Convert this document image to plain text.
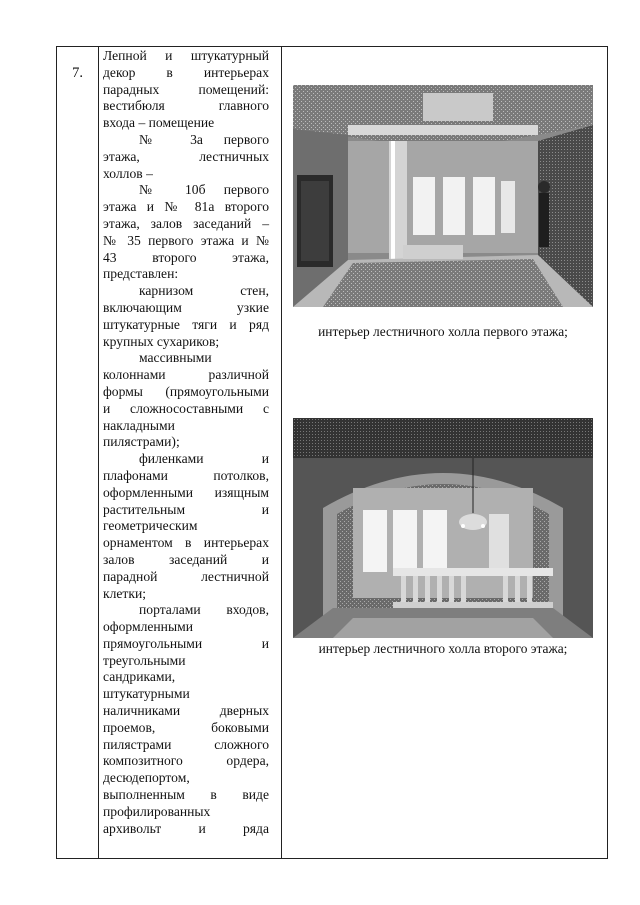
7.

Лепной и штукатурный

декор в интерьерах

парадных помещений:

вестибюля главного

входа – помещение

№ 3а первого

этажа, лестничных

холлов –

№ 10б первого

этажа и № 81а второго

этажа, залов заседаний –

№ 35 первого этажа и №

43 второго этажа,

представлен:

карнизом стен,

включающим узкие

штукатурные тяги и ряд

крупных сухариков;

массивными

колоннами различной

формы (прямоугольными

и сложносоставными с

накладными

пилястрами);

филенками и

плафонами потолков,

оформленными изящным

растительным и

геометрическим

орнаментом в интерьерах

залов заседаний и

парадной лестничной

клетки;

порталами входов,

оформленными

прямоугольными и

треугольными

сандриками,

штукатурными

наличниками дверных

проемов, боковыми

пилястрами сложного

композитного ордера,

десюдепортом,

выполненным в виде

профилированных

архивольт и ряда

интерьер лестничного холла первого этажа;
интерьер лестничного холла второго этажа;
